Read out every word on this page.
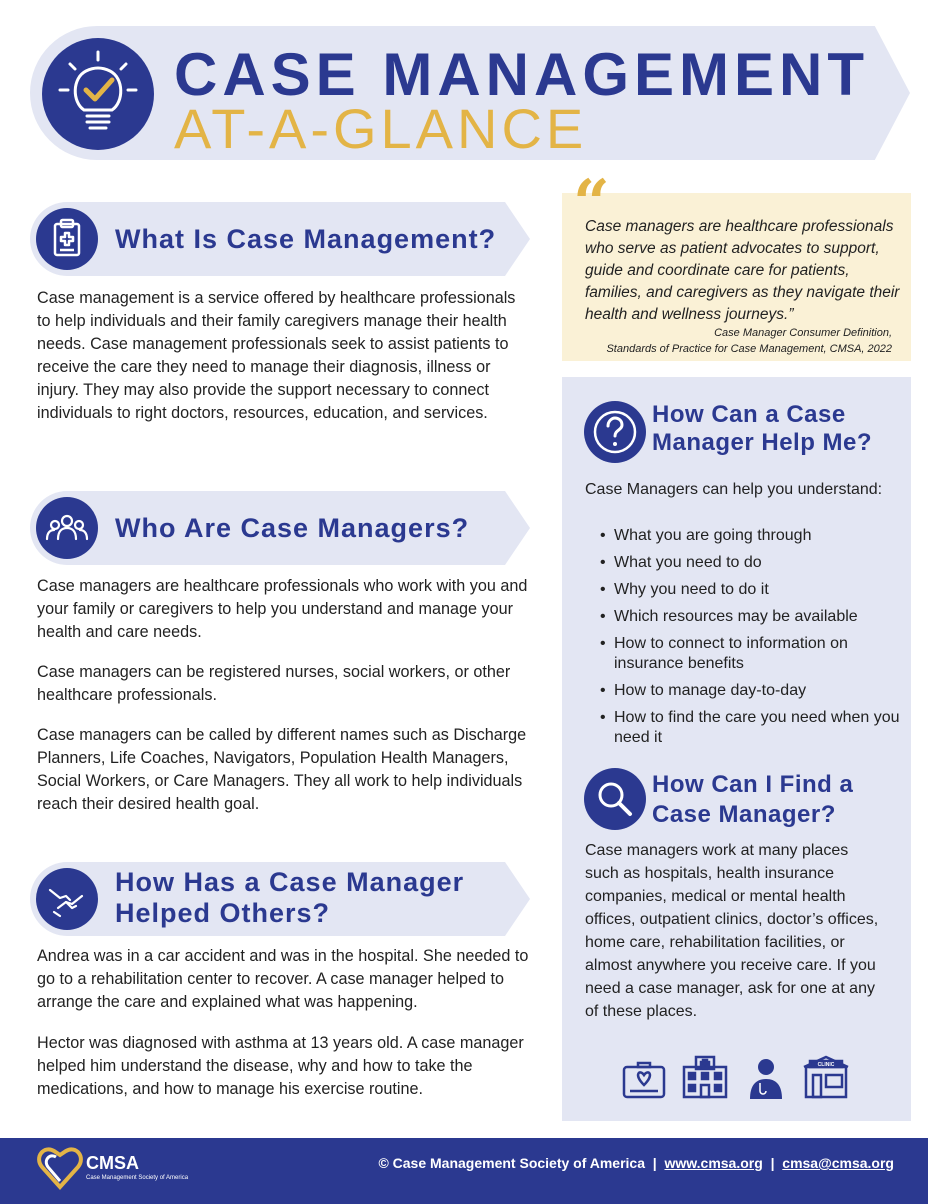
CASE MANAGEMENT
AT-A-GLANCE
What Is Case Management?
Case management is a service offered by healthcare professionals to help individuals and their family caregivers manage their health needs. Case management professionals seek to assist patients to receive the care they need to manage their diagnosis, illness or injury. They may also provide the support necessary to connect individuals to right doctors, resources, education, and services.
Who Are Case Managers?
Case managers are healthcare professionals who work with you and your family or caregivers to help you understand and manage your health and care needs.
Case managers can be registered nurses, social workers, or other healthcare professionals.
Case managers can be called by different names such as Discharge Planners, Life Coaches, Navigators, Population Health Managers, Social Workers, or Care Managers. They all work to help individuals reach their desired health goal.
How Has a Case Manager
Helped Others?
Andrea was in a car accident and was in the hospital. She needed to go to a rehabilitation center to recover. A case manager helped to arrange the care and explained what was happening.
Hector was diagnosed with asthma at 13 years old. A case manager helped him understand the disease, why and how to take the medications, and how to manage his exercise routine.
“
Case managers are healthcare professionals who serve as patient advocates to support, guide and coordinate care for patients, families, and caregivers as they navigate their health and wellness journeys.”
Case Manager Consumer Definition,
Standards of Practice for Case Management, CMSA, 2022
How Can a Case
Manager Help Me?
Case Managers can help you understand:
• What you are going through
• What you need to do
• Why you need to do it
• Which resources may be available
• How to connect to information on insurance benefits
• How to manage day-to-day
• How to find the care you need when you need it
How Can I Find a
Case Manager?
Case managers work at many places such as hospitals, health insurance companies, medical or mental health offices, outpatient clinics, doctor’s offices, home care, rehabilitation facilities, or almost anywhere you receive care. If you need a case manager, ask for one at any of these places.
CLINIC
CMSA
Case Management Society of America
© Case Management Society of America | www.cmsa.org | cmsa@cmsa.org
